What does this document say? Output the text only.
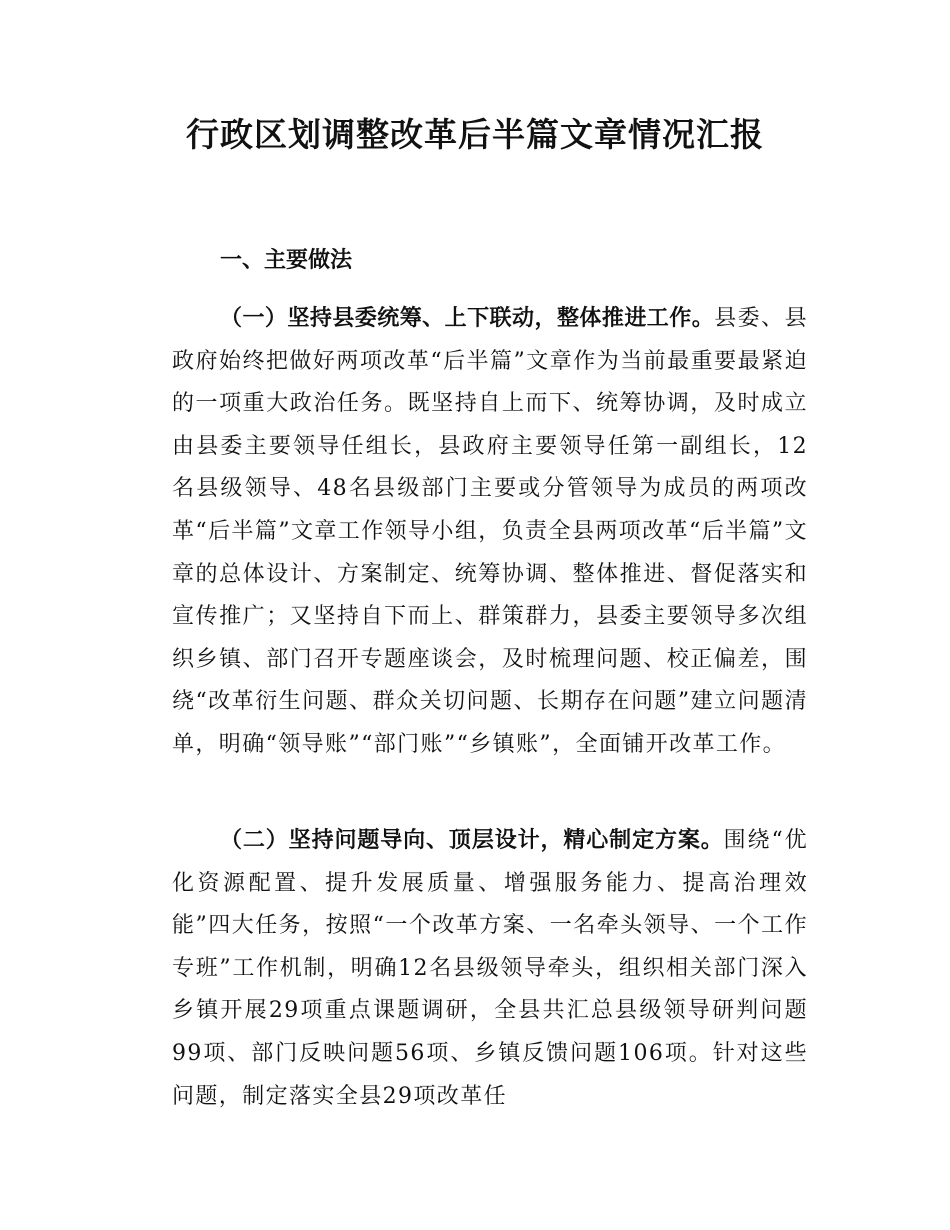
行政区划调整改革后半篇文章情况汇报
一、主要做法

（一）坚持县委统筹、上下联动，整体推进工作。县委、县政府始终把做好两项改革“后半篇”文章作为当前最重要最紧迫的一项重大政治任务。既坚持自上而下、统筹协调，及时成立由县委主要领导任组长，县政府主要领导任第一副组长，12名县级领导、48名县级部门主要或分管领导为成员的两项改革“后半篇”文章工作领导小组，负责全县两项改革“后半篇”文章的总体设计、方案制定、统筹协调、整体推进、督促落实和宣传推广；又坚持自下而上、群策群力，县委主要领导多次组织乡镇、部门召开专题座谈会，及时梳理问题、校正偏差，围绕“改革衍生问题、群众关切问题、长期存在问题”建立问题清单，明确“领导账”“部门账”“乡镇账”，全面铺开改革工作。

（二）坚持问题导向、顶层设计，精心制定方案。围绕“优化资源配置、提升发展质量、增强服务能力、提高治理效能”四大任务，按照“一个改革方案、一名牵头领导、一个工作专班”工作机制，明确12名县级领导牵头，组织相关部门深入乡镇开展29项重点课题调研，全县共汇总县级领导研判问题99项、部门反映问题56项、乡镇反馈问题106项。针对这些问题，制定落实全县29项改革任
